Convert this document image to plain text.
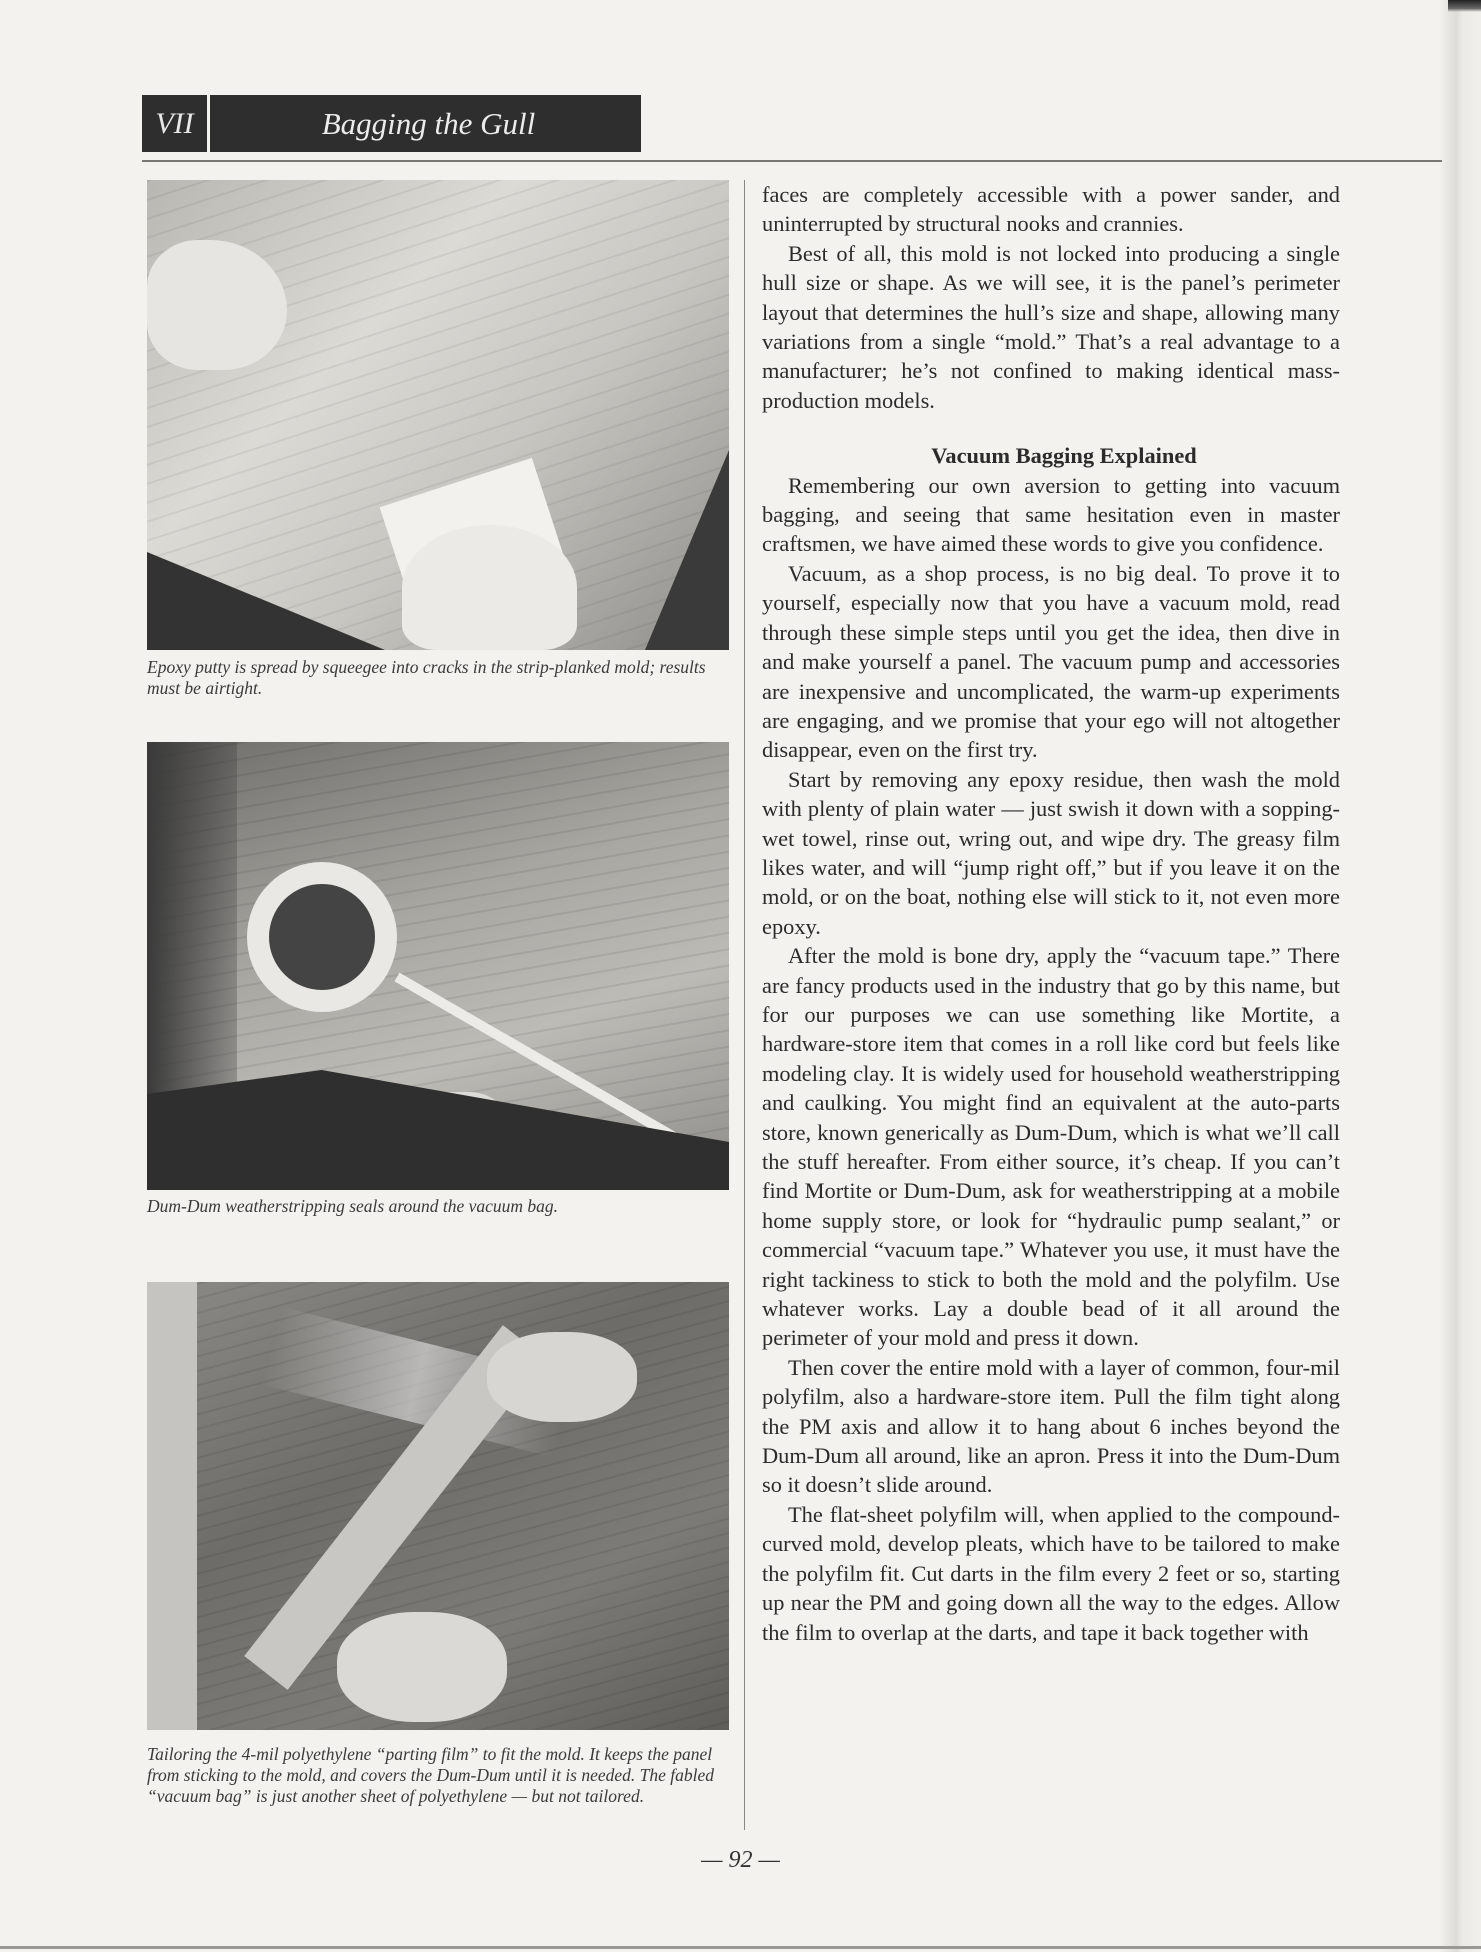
VII	Bagging the Gull
Epoxy putty is spread by squeegee into cracks in the strip-planked mold; results must be airtight.
Dum-Dum weatherstripping seals around the vacuum bag.
Tailoring the 4-mil polyethylene “parting film” to fit the mold. It keeps the panel from sticking to the mold, and covers the Dum-Dum until it is needed. The fabled “vacuum bag” is just another sheet of polyethylene — but not tailored.

faces are completely accessible with a power sander, and uninterrupted by structural nooks and crannies.

Best of all, this mold is not locked into producing a single hull size or shape. As we will see, it is the panel’s perimeter layout that determines the hull’s size and shape, allowing many variations from a single “mold.” That’s a real advantage to a manufacturer; he’s not confined to making identical mass-production models.

Vacuum Bagging Explained

Remembering our own aversion to getting into vacuum bagging, and seeing that same hesitation even in master craftsmen, we have aimed these words to give you confidence.

Vacuum, as a shop process, is no big deal. To prove it to yourself, especially now that you have a vacuum mold, read through these simple steps until you get the idea, then dive in and make yourself a panel. The vacuum pump and accessories are inexpensive and uncomplicated, the warm-up experiments are engaging, and we promise that your ego will not altogether disappear, even on the first try.

Start by removing any epoxy residue, then wash the mold with plenty of plain water — just swish it down with a sopping-wet towel, rinse out, wring out, and wipe dry. The greasy film likes water, and will “jump right off,” but if you leave it on the mold, or on the boat, nothing else will stick to it, not even more epoxy.

After the mold is bone dry, apply the “vacuum tape.” There are fancy products used in the industry that go by this name, but for our purposes we can use something like Mortite, a hardware-store item that comes in a roll like cord but feels like modeling clay. It is widely used for household weatherstripping and caulking. You might find an equivalent at the auto-parts store, known generically as Dum-Dum, which is what we’ll call the stuff hereafter. From either source, it’s cheap. If you can’t find Mortite or Dum-Dum, ask for weatherstripping at a mobile home supply store, or look for “hydraulic pump sealant,” or commercial “vacuum tape.” Whatever you use, it must have the right tackiness to stick to both the mold and the polyfilm. Use whatever works. Lay a double bead of it all around the perimeter of your mold and press it down.

Then cover the entire mold with a layer of common, four-mil polyfilm, also a hardware-store item. Pull the film tight along the PM axis and allow it to hang about 6 inches beyond the Dum-Dum all around, like an apron. Press it into the Dum-Dum so it doesn’t slide around.

The flat-sheet polyfilm will, when applied to the compound-curved mold, develop pleats, which have to be tailored to make the polyfilm fit. Cut darts in the film every 2 feet or so, starting up near the PM and going down all the way to the edges. Allow the film to overlap at the darts, and tape it back together with

— 92 —
